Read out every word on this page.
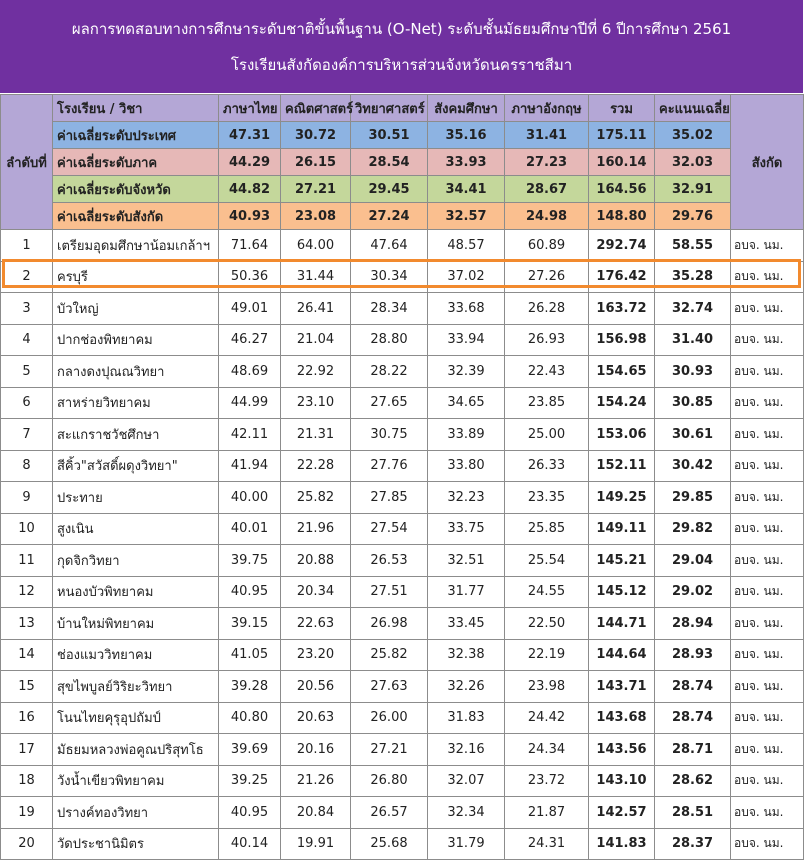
ผลการทดสอบทางการศึกษาระดับชาติขั้นพื้นฐาน (O-Net) ระดับชั้นมัธยมศึกษาปีที่ 6 ปีการศึกษา 2561
โรงเรียนสังกัดองค์การบริหารส่วนจังหวัดนครราชสีมา
ลำดับที่	โรงเรียน / วิชา	ภาษาไทย	คณิตศาสตร์	วิทยาศาสตร์	สังคมศึกษา	ภาษาอังกฤษ	รวม	คะแนนเฉลี่ย	สังกัด
	ค่าเฉลี่ยระดับประเทศ	47.31	30.72	30.51	35.16	31.41	175.11	35.02	
	ค่าเฉลี่ยระดับภาค	44.29	26.15	28.54	33.93	27.23	160.14	32.03	
	ค่าเฉลี่ยระดับจังหวัด	44.82	27.21	29.45	34.41	28.67	164.56	32.91	
	ค่าเฉลี่ยระดับสังกัด	40.93	23.08	27.24	32.57	24.98	148.80	29.76	
1	เตรียมอุดมศึกษาน้อมเกล้าฯ	71.64	64.00	47.64	48.57	60.89	292.74	58.55	อบจ. นม.
2	ครบุรี	50.36	31.44	30.34	37.02	27.26	176.42	35.28	อบจ. นม.
3	บัวใหญ่	49.01	26.41	28.34	33.68	26.28	163.72	32.74	อบจ. นม.
4	ปากช่องพิทยาคม	46.27	21.04	28.80	33.94	26.93	156.98	31.40	อบจ. นม.
5	กลางดงปุณณวิทยา	48.69	22.92	28.22	32.39	22.43	154.65	30.93	อบจ. นม.
6	สาหร่ายวิทยาคม	44.99	23.10	27.65	34.65	23.85	154.24	30.85	อบจ. นม.
7	สะแกราชวัชศึกษา	42.11	21.31	30.75	33.89	25.00	153.06	30.61	อบจ. นม.
8	สีคิ้ว"สวัสดิ์ผดุงวิทยา"	41.94	22.28	27.76	33.80	26.33	152.11	30.42	อบจ. นม.
9	ประทาย	40.00	25.82	27.85	32.23	23.35	149.25	29.85	อบจ. นม.
10	สูงเนิน	40.01	21.96	27.54	33.75	25.85	149.11	29.82	อบจ. นม.
11	กุดจิกวิทยา	39.75	20.88	26.53	32.51	25.54	145.21	29.04	อบจ. นม.
12	หนองบัวพิทยาคม	40.95	20.34	27.51	31.77	24.55	145.12	29.02	อบจ. นม.
13	บ้านใหม่พิทยาคม	39.15	22.63	26.98	33.45	22.50	144.71	28.94	อบจ. นม.
14	ช่องแมววิทยาคม	41.05	23.20	25.82	32.38	22.19	144.64	28.93	อบจ. นม.
15	สุขไพบูลย์วิริยะวิทยา	39.28	20.56	27.63	32.26	23.98	143.71	28.74	อบจ. นม.
16	โนนไทยคุรุอุปถัมป์	40.80	20.63	26.00	31.83	24.42	143.68	28.74	อบจ. นม.
17	มัธยมหลวงพ่อคูณปริสุทโธ	39.69	20.16	27.21	32.16	24.34	143.56	28.71	อบจ. นม.
18	วังน้ำเขียวพิทยาคม	39.25	21.26	26.80	32.07	23.72	143.10	28.62	อบจ. นม.
19	ปรางค์ทองวิทยา	40.95	20.84	26.57	32.34	21.87	142.57	28.51	อบจ. นม.
20	วัดประชานิมิตร	40.14	19.91	25.68	31.79	24.31	141.83	28.37	อบจ. นม.
